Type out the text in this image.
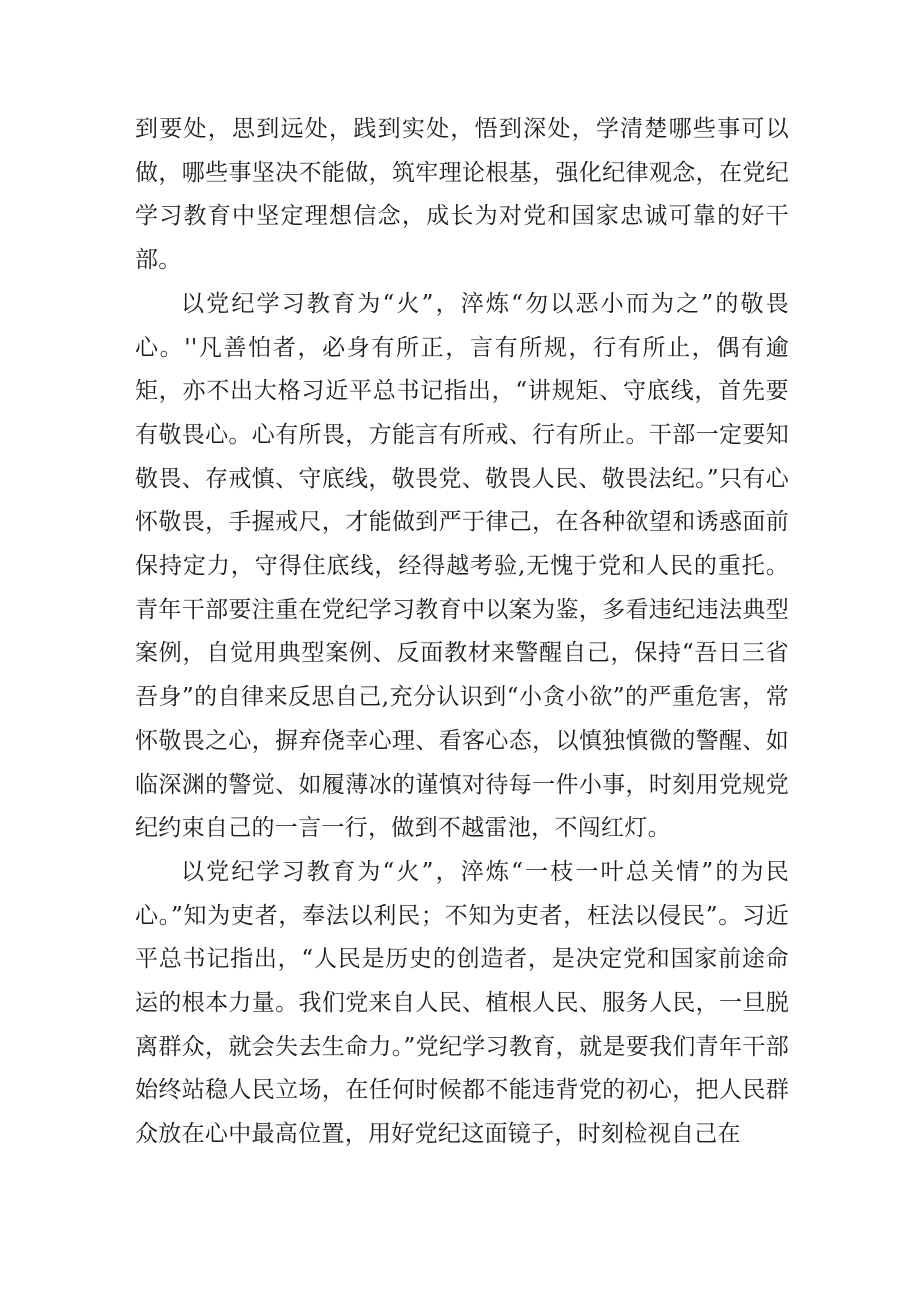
到要处，思到远处，践到实处，悟到深处，学清楚哪些事可以做，哪些事坚决不能做，筑牢理论根基，强化纪律观念，在党纪学习教育中坚定理想信念，成长为对党和国家忠诚可靠的好干部。

以党纪学习教育为“火”，淬炼“勿以恶小而为之”的敬畏心。''凡善怕者，必身有所正，言有所规，行有所止，偶有逾矩，亦不出大格习近平总书记指出，“讲规矩、守底线，首先要有敬畏心。心有所畏，方能言有所戒、行有所止。干部一定要知敬畏、存戒慎、守底线，敬畏党、敬畏人民、敬畏法纪。”只有心怀敬畏，手握戒尺，才能做到严于律己，在各种欲望和诱惑面前保持定力，守得住底线，经得越考验,无愧于党和人民的重托。青年干部要注重在党纪学习教育中以案为鉴，多看违纪违法典型案例，自觉用典型案例、反面教材来警醒自己，保持“吾日三省吾身”的自律来反思自己,充分认识到“小贪小欲”的严重危害，常怀敬畏之心，摒弃侥幸心理、看客心态，以慎独慎微的警醒、如临深渊的警觉、如履薄冰的谨慎对待每一件小事，时刻用党规党纪约束自己的一言一行，做到不越雷池，不闯红灯。

以党纪学习教育为“火”，淬炼“一枝一叶总关情”的为民心。”知为吏者，奉法以利民；不知为吏者，枉法以侵民”。习近平总书记指出，“人民是历史的创造者，是决定党和国家前途命运的根本力量。我们党来自人民、植根人民、服务人民，一旦脱离群众，就会失去生命力。”党纪学习教育，就是要我们青年干部始终站稳人民立场，在任何时候都不能违背党的初心，把人民群众放在心中最高位置，用好党纪这面镜子，时刻检视自己在
